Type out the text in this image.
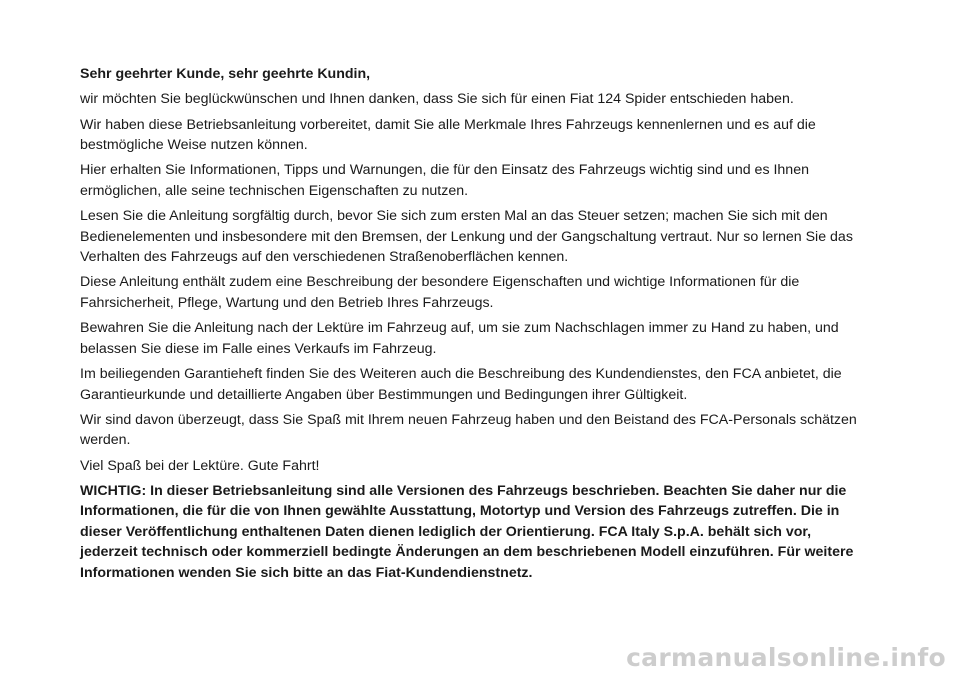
Sehr geehrter Kunde, sehr geehrte Kundin,

wir möchten Sie beglückwünschen und Ihnen danken, dass Sie sich für einen Fiat 124 Spider entschieden haben.

Wir haben diese Betriebsanleitung vorbereitet, damit Sie alle Merkmale Ihres Fahrzeugs kennenlernen und es auf die
bestmögliche Weise nutzen können.

Hier erhalten Sie Informationen, Tipps und Warnungen, die für den Einsatz des Fahrzeugs wichtig sind und es Ihnen
ermöglichen, alle seine technischen Eigenschaften zu nutzen.

Lesen Sie die Anleitung sorgfältig durch, bevor Sie sich zum ersten Mal an das Steuer setzen; machen Sie sich mit den
Bedienelementen und insbesondere mit den Bremsen, der Lenkung und der Gangschaltung vertraut. Nur so lernen Sie das
Verhalten des Fahrzeugs auf den verschiedenen Straßenoberflächen kennen.

Diese Anleitung enthält zudem eine Beschreibung der besondere Eigenschaften und wichtige Informationen für die
Fahrsicherheit, Pflege, Wartung und den Betrieb Ihres Fahrzeugs.

Bewahren Sie die Anleitung nach der Lektüre im Fahrzeug auf, um sie zum Nachschlagen immer zu Hand zu haben, und
belassen Sie diese im Falle eines Verkaufs im Fahrzeug.

Im beiliegenden Garantieheft finden Sie des Weiteren auch die Beschreibung des Kundendienstes, den FCA anbietet, die
Garantieurkunde und detaillierte Angaben über Bestimmungen und Bedingungen ihrer Gültigkeit.

Wir sind davon überzeugt, dass Sie Spaß mit Ihrem neuen Fahrzeug haben und den Beistand des FCA-Personals schätzen
werden.

Viel Spaß bei der Lektüre. Gute Fahrt!

WICHTIG: In dieser Betriebsanleitung sind alle Versionen des Fahrzeugs beschrieben. Beachten Sie daher nur die
Informationen, die für die von Ihnen gewählte Ausstattung, Motortyp und Version des Fahrzeugs zutreffen. Die in
dieser Veröffentlichung enthaltenen Daten dienen lediglich der Orientierung. FCA Italy S.p.A. behält sich vor,
jederzeit technisch oder kommerziell bedingte Änderungen an dem beschriebenen Modell einzuführen. Für weitere
Informationen wenden Sie sich bitte an das Fiat-Kundendienstnetz.

carmanualsonline.info
